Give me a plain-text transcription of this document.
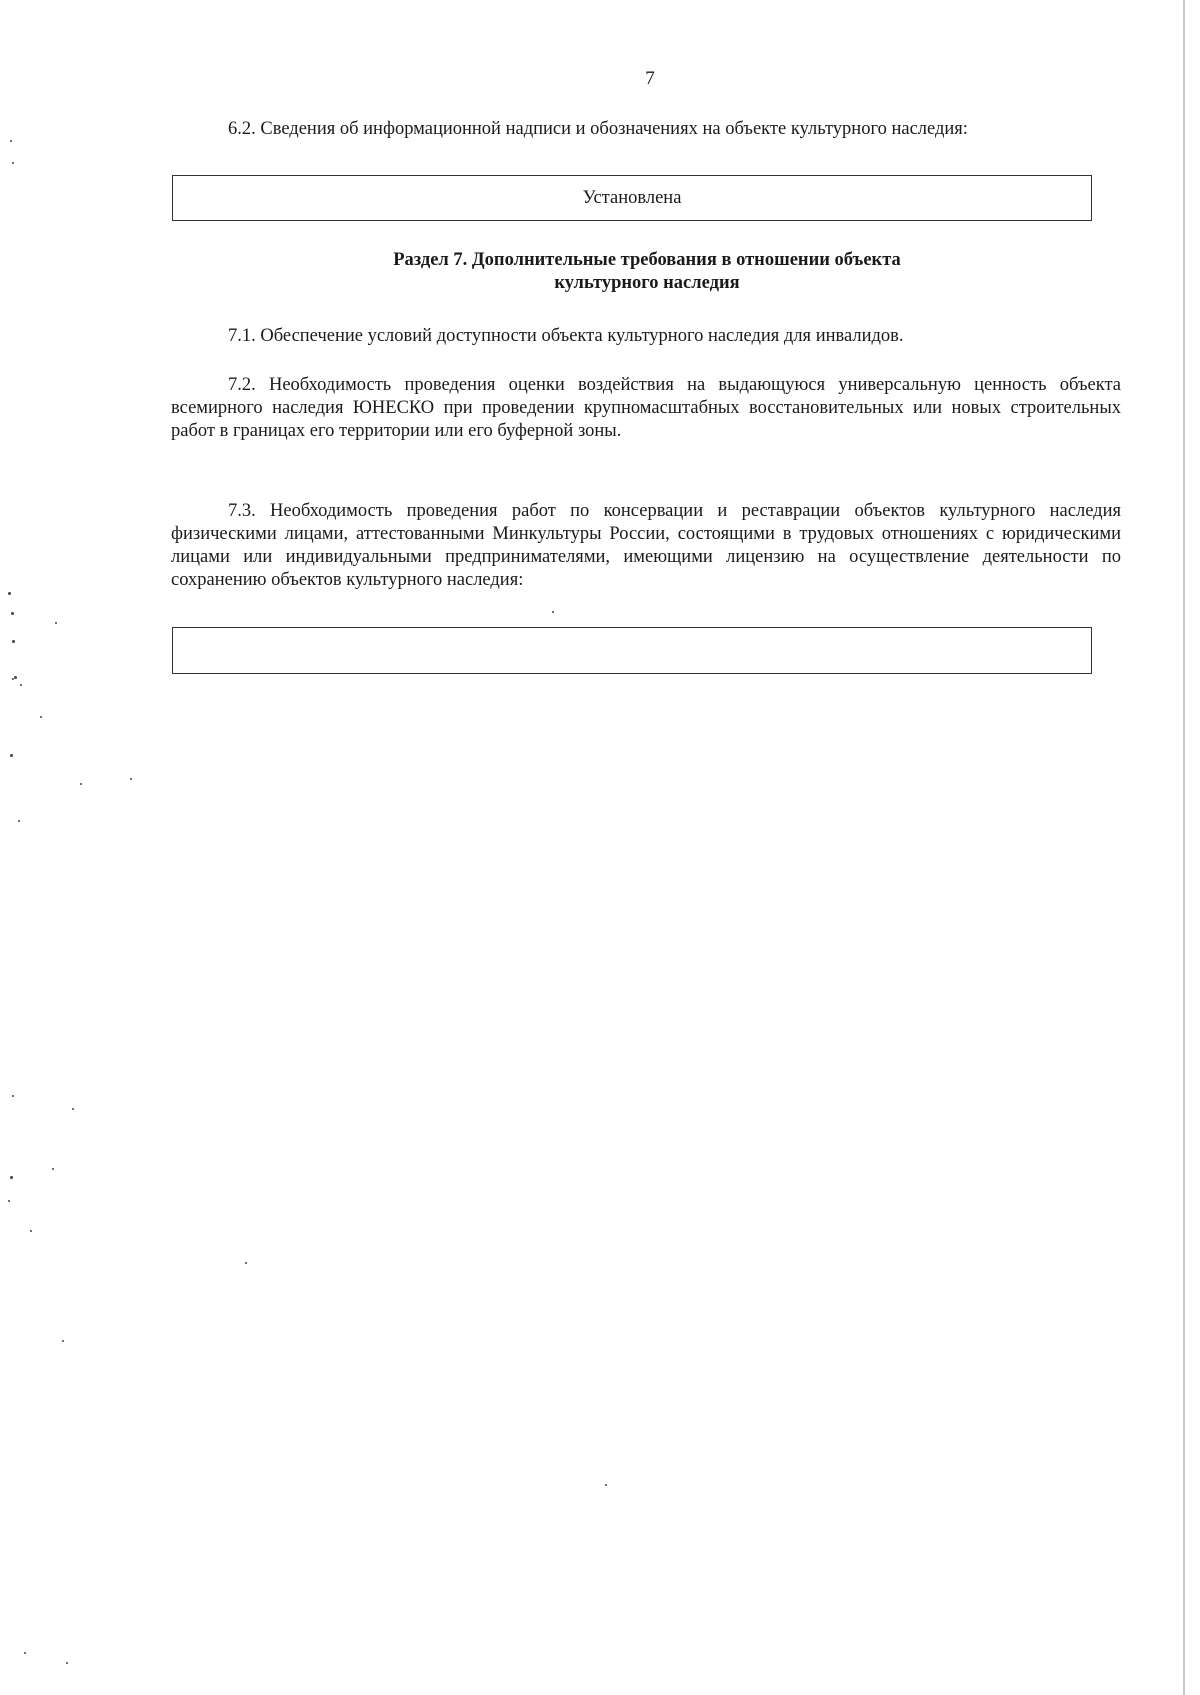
7

6.2. Сведения об информационной надписи и обозначениях на объекте культурного наследия:

Установлена

Раздел 7. Дополнительные требования в отношении объекта
культурного наследия

7.1. Обеспечение условий доступности объекта культурного наследия для инвалидов.

7.2. Необходимость проведения оценки воздействия на выдающуюся универсальную ценность объекта всемирного наследия ЮНЕСКО при проведении крупномасштабных восстановительных или новых строительных работ в границах его территории или его буферной зоны.

7.3. Необходимость проведения работ по консервации и реставрации объектов культурного наследия физическими лицами, аттестованными Минкультуры России, состоящими в трудовых отношениях с юридическими лицами или индивидуальными предпринимателями, имеющими лицензию на осуществление деятельности по сохранению объектов культурного наследия:
